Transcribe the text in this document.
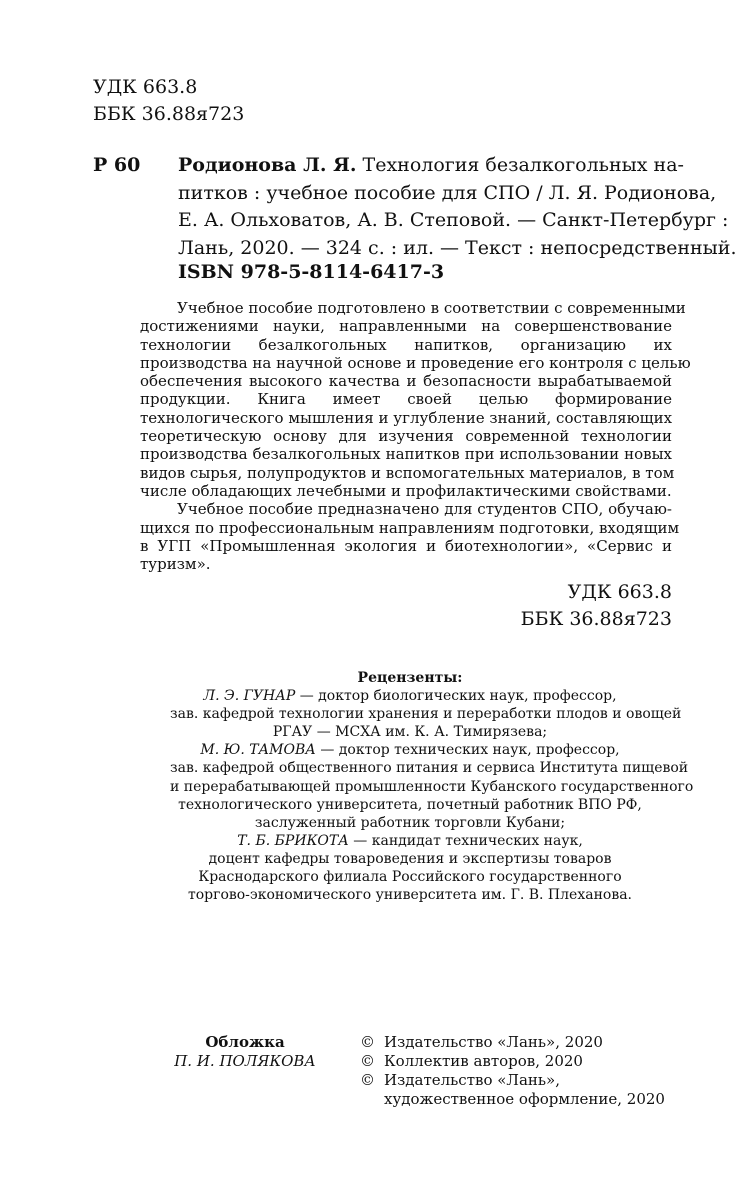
УДК 663.8
ББК 36.88я723
Р 60 Родионова Л. Я. Технология безалкогольных на-
питков : учебное пособие для СПО / Л. Я. Родионова,
Е. А. Ольховатов, А. В. Степовой. — Санкт-Петербург :
Лань, 2020. — 324 с. : ил. — Текст : непосредственный.
ISBN 978-5-8114-6417-3

Учебное пособие подготовлено в соответствии с современными
достижениями науки, направленными на совершенствование
технологии безалкогольных напитков, организацию их
производства на научной основе и проведение его контроля с целью
обеспечения высокого качества и безопасности вырабатываемой
продукции. Книга имеет своей целью формирование
технологического мышления и углубление знаний, составляющих
теоретическую основу для изучения современной технологии
производства безалкогольных напитков при использовании новых
видов сырья, полупродуктов и вспомогательных материалов, в том
числе обладающих лечебными и профилактическими свойствами.

Учебное пособие предназначено для студентов СПО, обучаю-
щихся по профессиональным направлениям подготовки, входящим
в УГП «Промышленная экология и биотехнологии», «Сервис и
туризм».

УДК 663.8
ББК 36.88я723
Рецензенты:
Л. Э. ГУНАР — доктор биологических наук, профессор,
зав. кафедрой технологии хранения и переработки плодов и овощей
РГАУ — МСХА им. К. А. Тимирязева;
М. Ю. ТАМОВА — доктор технических наук, профессор,
зав. кафедрой общественного питания и сервиса Института пищевой
и перерабатывающей промышленности Кубанского государственного
технологического университета, почетный работник ВПО РФ,
заслуженный работник торговли Кубани;
Т. Б. БРИКОТА — кандидат технических наук,
доцент кафедры товароведения и экспертизы товаров
Краснодарского филиала Российского государственного
торгово-экономического университета им. Г. В. Плеханова.
Обложка
П. И. ПОЛЯКОВА
© Издательство «Лань», 2020
© Коллектив авторов, 2020
© Издательство «Лань»,
художественное оформление, 2020
